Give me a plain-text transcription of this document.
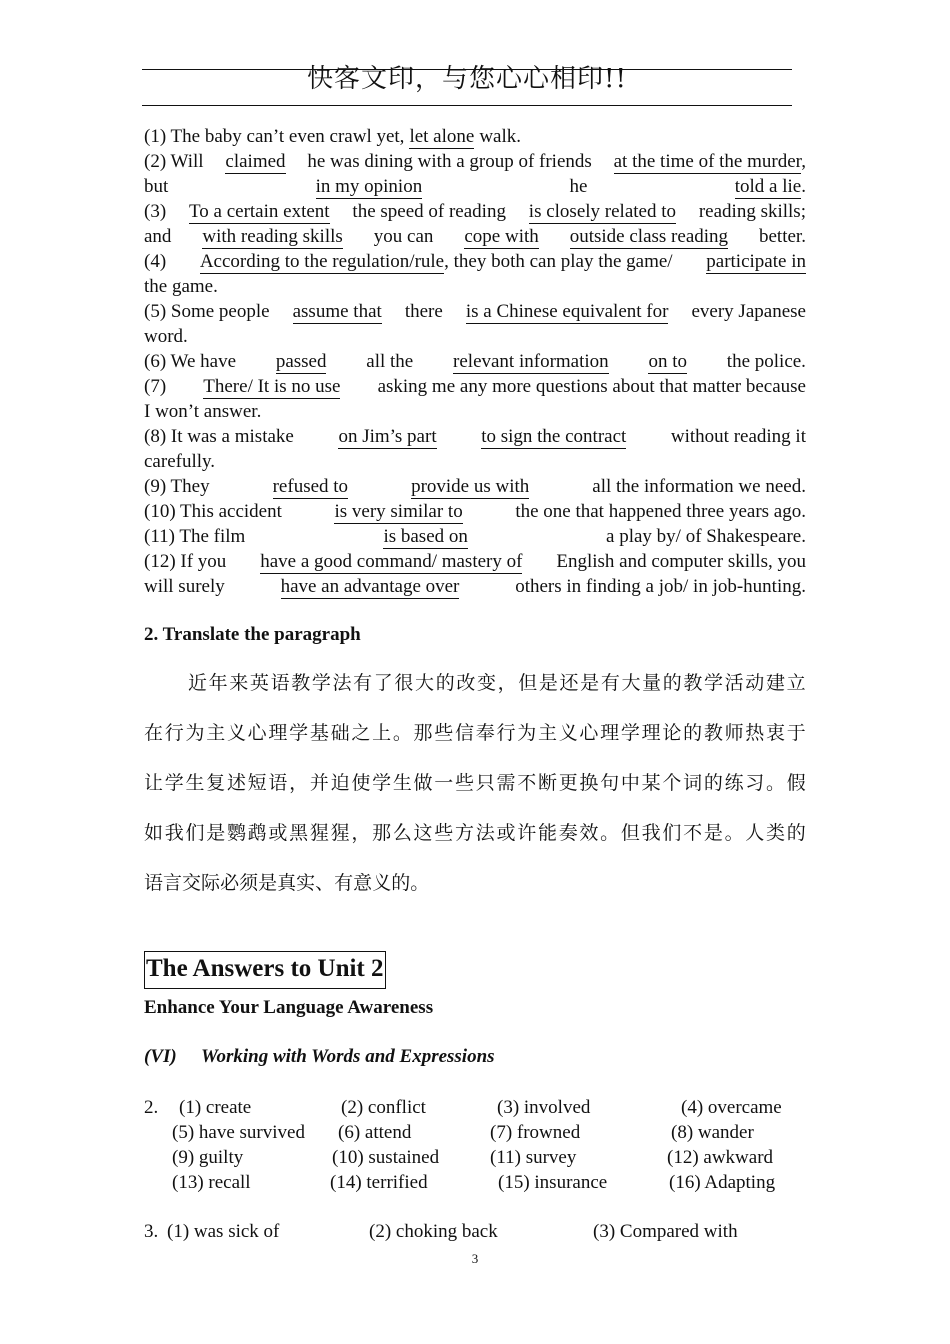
快客文印，与您心心相印!!
(1) The baby can’t even crawl yet, let alone walk.
(2) Will claimed he was dining with a group of friends at the time of the murder,
but	in my opinion	he	told a lie.
(3) To a certain extent the speed of reading is closely related to reading skills;
and with reading skills you can cope with outside class reading better.
(4) According to the regulation/rule, they both can play the game/ participate in
the game.
(5) Some people assume that there is a Chinese equivalent for every Japanese
word.
(6) We have passed all the relevant information on to the police.
(7) There/ It is no use asking me any more questions about that matter because
I won’t answer.
(8) It was a mistake on Jim’s part to sign the contract without reading it
carefully.
(9) They	refused to	provide us with	all the information we need.
(10) This accident	is very similar to	the one that happened three years ago.
(11) The film	is based on	a play by/ of Shakespeare.
(12) If you have a good command/ mastery of English and computer skills, you
will surely	have an advantage over	others in finding a job/ in job-hunting.
2. Translate the paragraph
近 年 来 英 语 教 学 法 有 了 很 大 的 改 变 ， 但 是 还 是 有 大 量 的 教 学 活 动 建 立
在 行 为 主 义 心 理 学 基 础 之 上 。 那 些 信 奉 行 为 主 义 心 理 学 理 论 的 教 师 热 衷 于
让 学 生 复 述 短 语 ， 并 迫 使 学 生 做 一 些 只 需 不 断 更 换 句 中 某 个 词 的 练 习 。 假
如 我 们 是 鹦 鹉 或 黑 猩 猩 ， 那 么 这 些 方 法 或 许 能 奏 效 。 但 我 们 不 是 。 人 类 的
语 言 交 际 必 须 是 真 实 、 有 意 义 的 。
The Answers to Unit 2
Enhance Your Language Awareness
(VI) Working with Words and Expressions
2. (1) create	(2) conflict	(3) involved	(4) overcame
(5) have survived (6) attend	(7) frowned	(8) wander
(9) guilty	(10) sustained	(11) survey	(12) awkward
(13) recall	(14) terrified	(15) insurance	(16) Adapting
3. (1) was sick of	(2) choking back	(3) Compared with
3
